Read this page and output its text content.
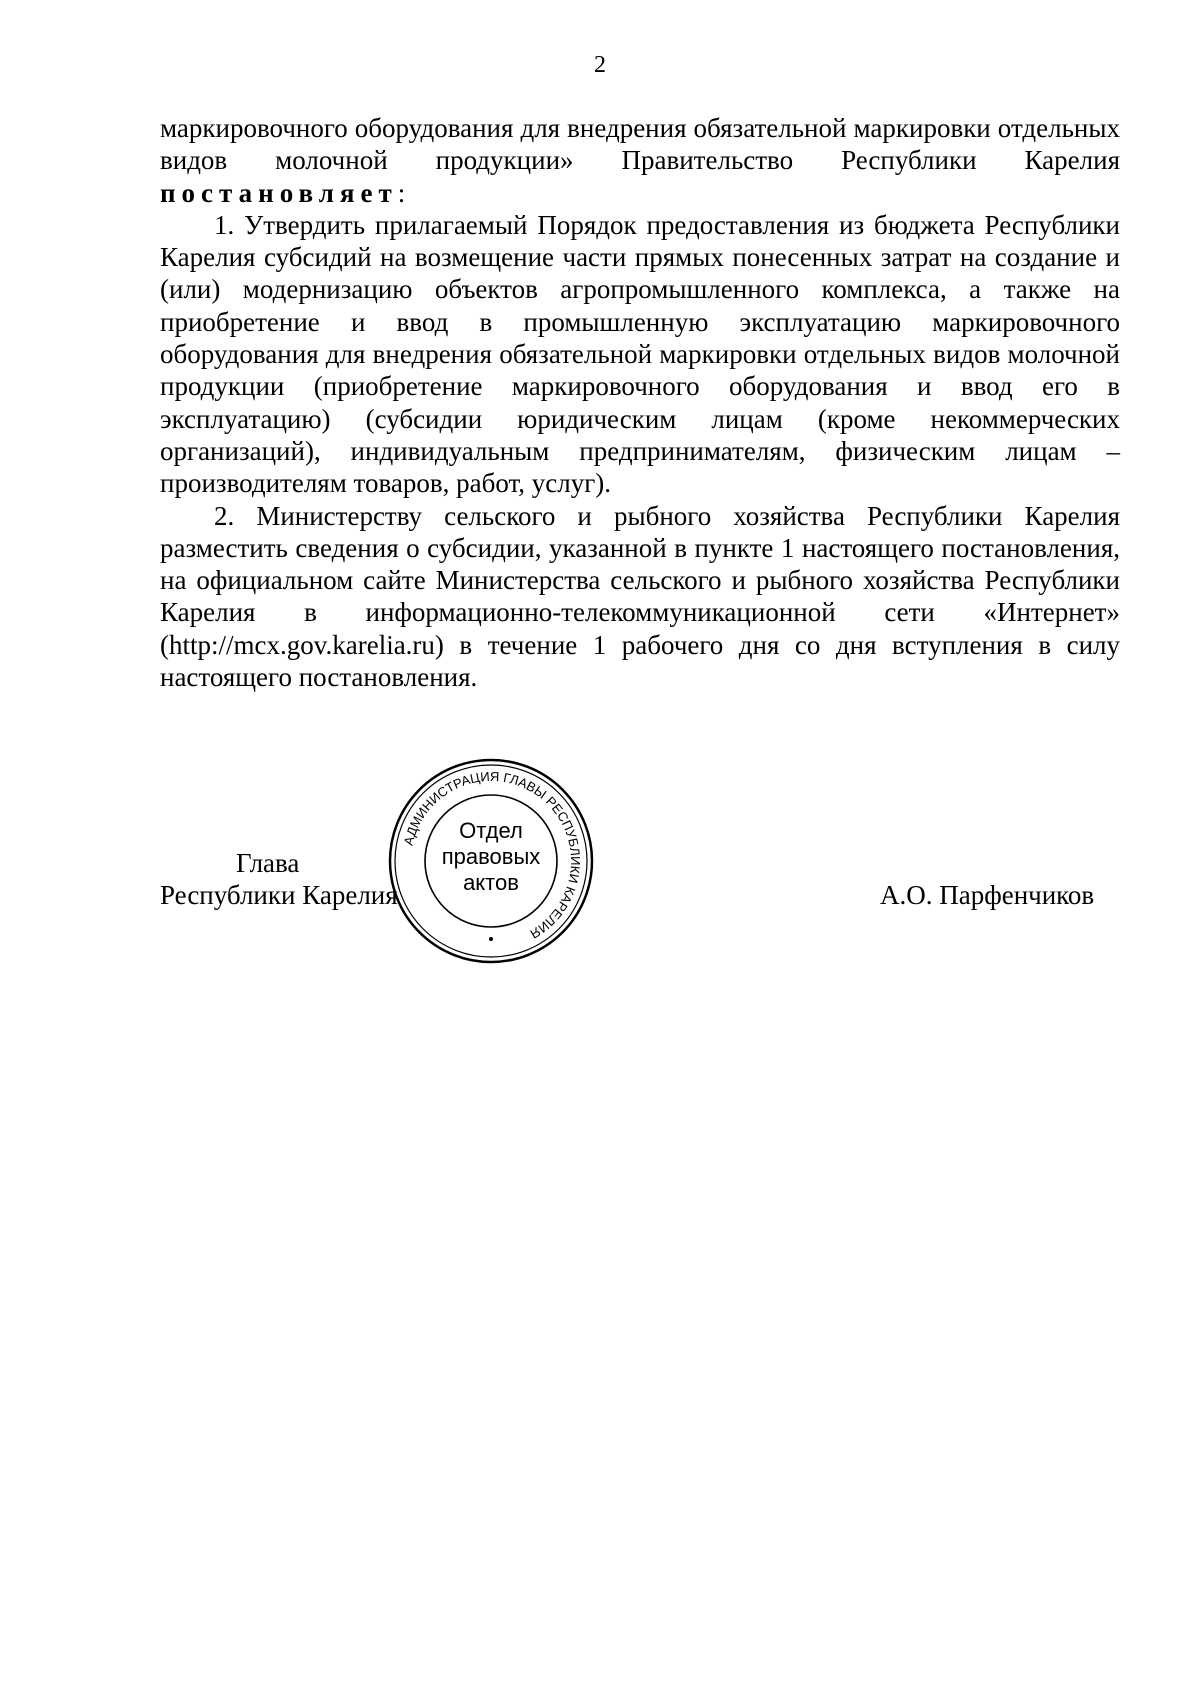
2

маркировочного оборудования для внедрения обязательной маркировки отдельных видов молочной продукции» Правительство Республики Карелия постановляет:

1. Утвердить прилагаемый Порядок предоставления из бюджета Республики Карелия субсидий на возмещение части прямых понесенных затрат на создание и (или) модернизацию объектов агропромышленного комплекса, а также на приобретение и ввод в промышленную эксплуатацию маркировочного оборудования для внедрения обязательной маркировки отдельных видов молочной продукции (приобретение маркировочного оборудования и ввод его в эксплуатацию) (субсидии юридическим лицам (кроме некоммерческих организаций), индивидуальным предпринимателям, физическим лицам – производителям товаров, работ, услуг).

2. Министерству сельского и рыбного хозяйства Республики Карелия разместить сведения о субсидии, указанной в пункте 1 настоящего постановления, на официальном сайте Министерства сельского и рыбного хозяйства Республики Карелия в информационно-телекоммуникационной сети «Интернет» (http://mcx.gov.karelia.ru) в течение 1 рабочего дня со дня вступления в силу настоящего постановления.

Глава
Республики Карелия
АДМИНИСТРАЦИЯ ГЛАВЫ РЕСПУБЛИКИ КАРЕЛИЯ
Отдел
правовых
актов	А.О. Парфенчиков
